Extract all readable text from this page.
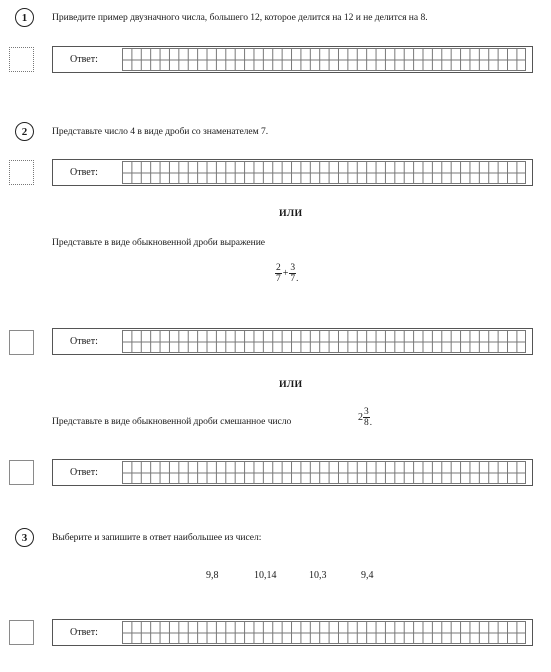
1	Приведите пример двузначного числа, большего 12, которое делится на 12 и не делится на 8.
Ответ:
2	Представьте число 4 в виде дроби со знаменателем 7.
Ответ:
ИЛИ
Представьте в виде обыкновенной дроби выражение
$\frac{2}{7} + \frac{3}{7}$ .
Ответ:
ИЛИ
Представьте в виде обыкновенной дроби смешанное число	$2 \frac{3}{8}$ .
Ответ:
3	Выберите и запишите в ответ наибольшее из чисел:
9,8	10,14	10,3	9,4
Ответ:
